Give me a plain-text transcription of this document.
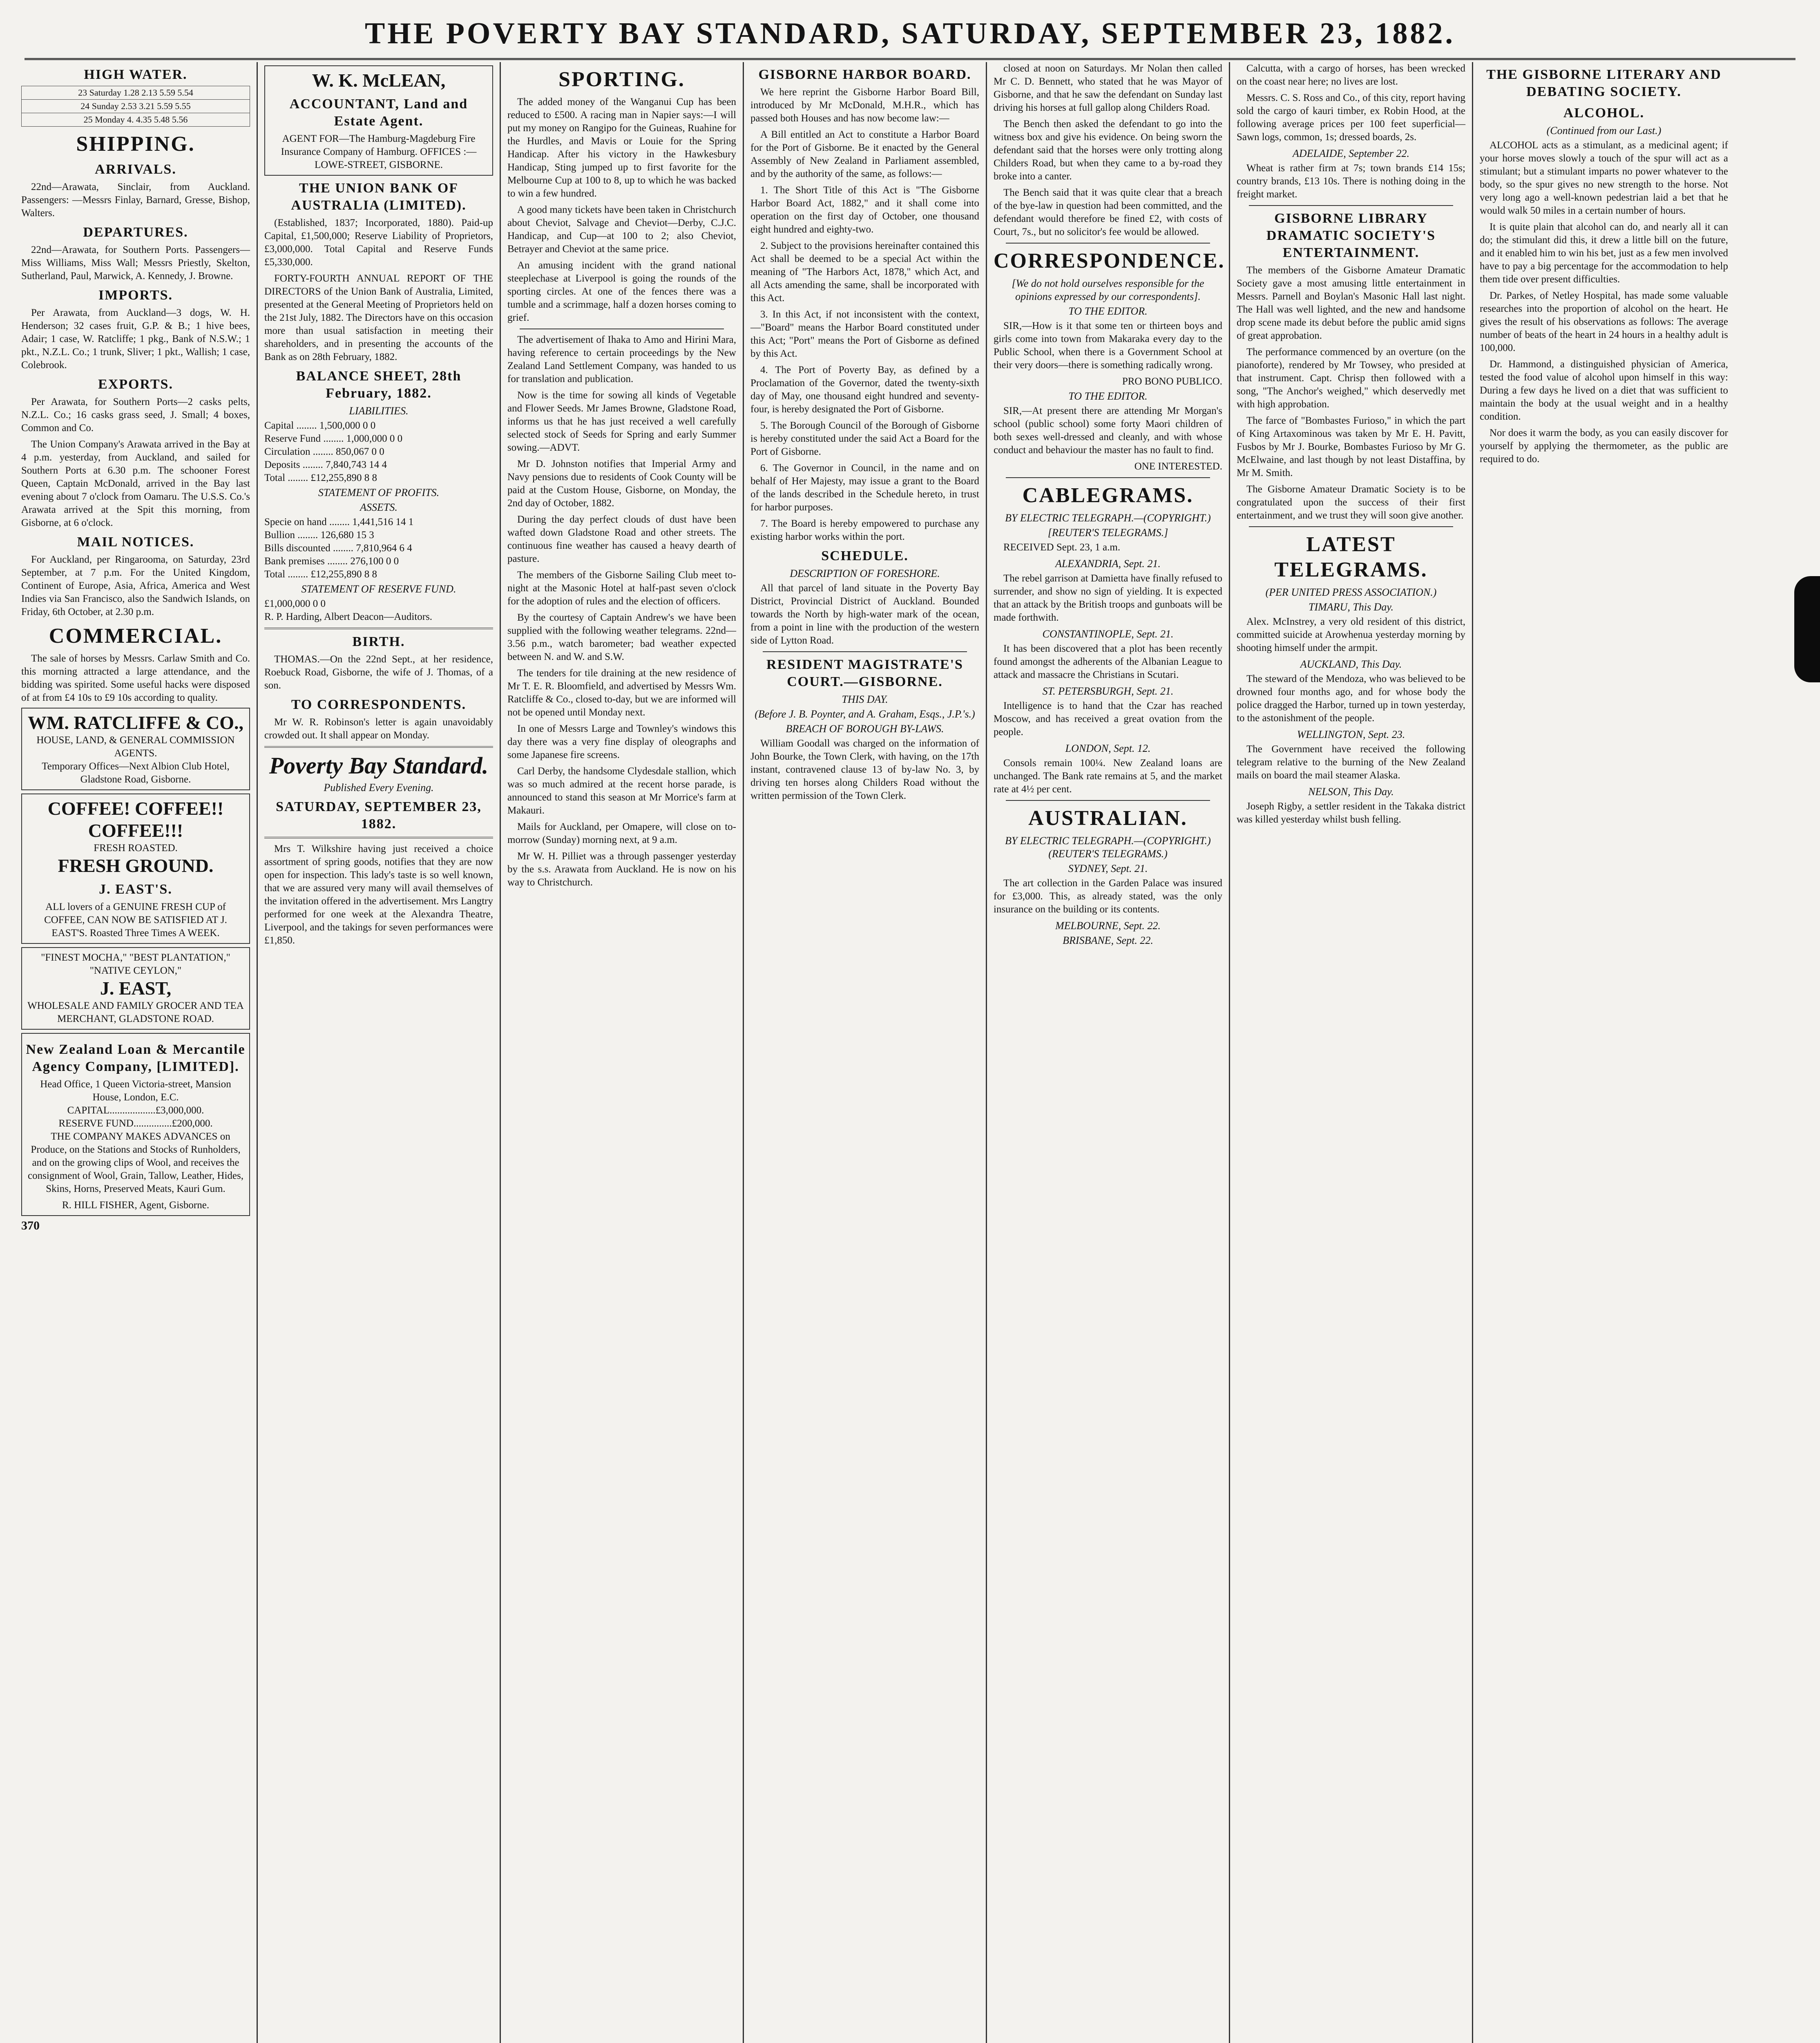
THE POVERTY BAY STANDARD, SATURDAY, SEPTEMBER 23, 1882.
HIGH WATER.
23 Saturday 1.28 2.13 5.59 5.54
24 Sunday 2.53 3.21 5.59 5.55
25 Monday 4. 4.35 5.48 5.56
SHIPPING.
ARRIVALS.

22nd—Arawata, Sinclair, from Auckland. Passengers: —Messrs Finlay, Barnard, Gresse, Bishop, Walters.

DEPARTURES.

22nd—Arawata, for Southern Ports. Passengers—Miss Williams, Miss Wall; Messrs Priestly, Skelton, Sutherland, Paul, Marwick, A. Kennedy, J. Browne.

IMPORTS.

Per Arawata, from Auckland—3 dogs, W. H. Henderson; 32 cases fruit, G.P. & B.; 1 hive bees, Adair; 1 case, W. Ratcliffe; 1 pkg., Bank of N.S.W.; 1 pkt., N.Z.L. Co.; 1 trunk, Sliver; 1 pkt., Wallish; 1 case, Colebrook.

EXPORTS.

Per Arawata, for Southern Ports—2 casks pelts, N.Z.L. Co.; 16 casks grass seed, J. Small; 4 boxes, Common and Co.

The Union Company's Arawata arrived in the Bay at 4 p.m. yesterday, from Auckland, and sailed for Southern Ports at 6.30 p.m. The schooner Forest Queen, Captain McDonald, arrived in the Bay last evening about 7 o'clock from Oamaru. The U.S.S. Co.'s Arawata arrived at the Spit this morning, from Gisborne, at 6 o'clock.

MAIL NOTICES.

For Auckland, per Ringarooma, on Saturday, 23rd September, at 7 p.m. For the United Kingdom, Continent of Europe, Asia, Africa, America and West Indies via San Francisco, also the Sandwich Islands, on Friday, 6th October, at 2.30 p.m.

COMMERCIAL.

The sale of horses by Messrs. Carlaw Smith and Co. this morning attracted a large attendance, and the bidding was spirited. Some useful hacks were disposed of at from £4 10s to £9 10s according to quality.

WM. RATCLIFFE & CO.,
HOUSE, LAND, & GENERAL COMMISSION AGENTS.
Temporary Offices—Next Albion Club Hotel, Gladstone Road, Gisborne.
COFFEE! COFFEE!! COFFEE!!!
FRESH ROASTED.
FRESH GROUND.
J. EAST'S.
ALL lovers of a GENUINE FRESH CUP of COFFEE, CAN NOW BE SATISFIED AT J. EAST'S. Roasted Three Times A WEEK.
"FINEST MOCHA," "BEST PLANTATION," "NATIVE CEYLON,"
J. EAST,
WHOLESALE AND FAMILY GROCER AND TEA MERCHANT, GLADSTONE ROAD.
New Zealand Loan & Mercantile Agency Company, [LIMITED].
Head Office, 1 Queen Victoria-street, Mansion House, London, E.C.
CAPITAL..................£3,000,000.
RESERVE FUND...............£200,000.

THE COMPANY MAKES ADVANCES on Produce, on the Stations and Stocks of Runholders, and on the growing clips of Wool, and receives the consignment of Wool, Grain, Tallow, Leather, Hides, Skins, Horns, Preserved Meats, Kauri Gum.

R. HILL FISHER, Agent, Gisborne.
370
W. K. McLEAN,
ACCOUNTANT, Land and Estate Agent.
AGENT FOR—The Hamburg-Magdeburg Fire Insurance Company of Hamburg. OFFICES :—LOWE-STREET, GISBORNE.
THE UNION BANK OF AUSTRALIA (LIMITED).

(Established, 1837; Incorporated, 1880). Paid-up Capital, £1,500,000; Reserve Liability of Proprietors, £3,000,000. Total Capital and Reserve Funds £5,330,000.

FORTY-FOURTH ANNUAL REPORT OF THE DIRECTORS of the Union Bank of Australia, Limited, presented at the General Meeting of Proprietors held on the 21st July, 1882. The Directors have on this occasion more than usual satisfaction in meeting their shareholders, and in presenting the accounts of the Bank as on 28th February, 1882.

BALANCE SHEET, 28th February, 1882.
LIABILITIES.
Capital ........ 1,500,000 0 0
Reserve Fund ........ 1,000,000 0 0
Circulation ........ 850,067 0 0
Deposits ........ 7,840,743 14 4
Total ........ £12,255,890 8 8
STATEMENT OF PROFITS.
ASSETS.
Specie on hand ........ 1,441,516 14 1
Bullion ........ 126,680 15 3
Bills discounted ........ 7,810,964 6 4
Bank premises ........ 276,100 0 0
Total ........ £12,255,890 8 8
STATEMENT OF RESERVE FUND.
£1,000,000 0 0
R. P. Harding, Albert Deacon—Auditors.
BIRTH.

THOMAS.—On the 22nd Sept., at her residence, Roebuck Road, Gisborne, the wife of J. Thomas, of a son.

TO CORRESPONDENTS.

Mr W. R. Robinson's letter is again unavoidably crowded out. It shall appear on Monday.

Poverty Bay Standard.
Published Every Evening.
SATURDAY, SEPTEMBER 23, 1882.

Mrs T. Wilkshire having just received a choice assortment of spring goods, notifies that they are now open for inspection. This lady's taste is so well known, that we are assured very many will avail themselves of the invitation offered in the advertisement. Mrs Langtry performed for one week at the Alexandra Theatre, Liverpool, and the takings for seven performances were £1,850.

SPORTING.

The added money of the Wanganui Cup has been reduced to £500. A racing man in Napier says:—I will put my money on Rangipo for the Guineas, Ruahine for the Hurdles, and Mavis or Louie for the Spring Handicap. After his victory in the Hawkesbury Handicap, Sting jumped up to first favorite for the Melbourne Cup at 100 to 8, up to which he was backed to win a few hundred.

A good many tickets have been taken in Christchurch about Cheviot, Salvage and Cheviot—Derby, C.J.C. Handicap, and Cup—at 100 to 2; also Cheviot, Betrayer and Cheviot at the same price.

An amusing incident with the grand national steeplechase at Liverpool is going the rounds of the sporting circles. At one of the fences there was a tumble and a scrimmage, half a dozen horses coming to grief.

The advertisement of Ihaka to Amo and Hirini Mara, having reference to certain proceedings by the New Zealand Land Settlement Company, was handed to us for translation and publication.

Now is the time for sowing all kinds of Vegetable and Flower Seeds. Mr James Browne, Gladstone Road, informs us that he has just received a well carefully selected stock of Seeds for Spring and early Summer sowing.—ADVT.

Mr D. Johnston notifies that Imperial Army and Navy pensions due to residents of Cook County will be paid at the Custom House, Gisborne, on Monday, the 2nd day of October, 1882.

During the day perfect clouds of dust have been wafted down Gladstone Road and other streets. The continuous fine weather has caused a heavy dearth of pasture.

The members of the Gisborne Sailing Club meet to-night at the Masonic Hotel at half-past seven o'clock for the adoption of rules and the election of officers.

By the courtesy of Captain Andrew's we have been supplied with the following weather telegrams. 22nd—3.56 p.m., watch barometer; bad weather expected between N. and W. and S.W.

The tenders for tile draining at the new residence of Mr T. E. R. Bloomfield, and advertised by Messrs Wm. Ratcliffe & Co., closed to-day, but we are informed will not be opened until Monday next.

In one of Messrs Large and Townley's windows this day there was a very fine display of oleographs and some Japanese fire screens.

Carl Derby, the handsome Clydesdale stallion, which was so much admired at the recent horse parade, is announced to stand this season at Mr Morrice's farm at Makauri.

Mails for Auckland, per Omapere, will close on to-morrow (Sunday) morning next, at 9 a.m.

Mr W. H. Pilliet was a through passenger yesterday by the s.s. Arawata from Auckland. He is now on his way to Christchurch.

GISBORNE HARBOR BOARD.

We here reprint the Gisborne Harbor Board Bill, introduced by Mr McDonald, M.H.R., which has passed both Houses and has now become law:—

A Bill entitled an Act to constitute a Harbor Board for the Port of Gisborne. Be it enacted by the General Assembly of New Zealand in Parliament assembled, and by the authority of the same, as follows:—

1. The Short Title of this Act is "The Gisborne Harbor Board Act, 1882," and it shall come into operation on the first day of October, one thousand eight hundred and eighty-two.

2. Subject to the provisions hereinafter contained this Act shall be deemed to be a special Act within the meaning of "The Harbors Act, 1878," which Act, and all Acts amending the same, shall be incorporated with this Act.

3. In this Act, if not inconsistent with the context,—"Board" means the Harbor Board constituted under this Act; "Port" means the Port of Gisborne as defined by this Act.

4. The Port of Poverty Bay, as defined by a Proclamation of the Governor, dated the twenty-sixth day of May, one thousand eight hundred and seventy-four, is hereby designated the Port of Gisborne.

5. The Borough Council of the Borough of Gisborne is hereby constituted under the said Act a Board for the Port of Gisborne.

6. The Governor in Council, in the name and on behalf of Her Majesty, may issue a grant to the Board of the lands described in the Schedule hereto, in trust for harbor purposes.

7. The Board is hereby empowered to purchase any existing harbor works within the port.

SCHEDULE.
DESCRIPTION OF FORESHORE.

All that parcel of land situate in the Poverty Bay District, Provincial District of Auckland. Bounded towards the North by high-water mark of the ocean, from a point in line with the production of the western side of Lytton Road.

RESIDENT MAGISTRATE'S COURT.—GISBORNE.
THIS DAY.
(Before J. B. Poynter, and A. Graham, Esqs., J.P.'s.)
BREACH OF BOROUGH BY-LAWS.

William Goodall was charged on the information of John Bourke, the Town Clerk, with having, on the 17th instant, contravened clause 13 of by-law No. 3, by driving ten horses along Childers Road without the written permission of the Town Clerk.

closed at noon on Saturdays. Mr Nolan then called Mr C. D. Bennett, who stated that he was Mayor of Gisborne, and that he saw the defendant on Sunday last driving his horses at full gallop along Childers Road.

The Bench then asked the defendant to go into the witness box and give his evidence. On being sworn the defendant said that the horses were only trotting along Childers Road, but when they came to a by-road they broke into a canter.

The Bench said that it was quite clear that a breach of the bye-law in question had been committed, and the defendant would therefore be fined £2, with costs of Court, 7s., but no solicitor's fee would be allowed.

CORRESPONDENCE.
[We do not hold ourselves responsible for the opinions expressed by our correspondents].
TO THE EDITOR.

SIR,—How is it that some ten or thirteen boys and girls come into town from Makaraka every day to the Public School, when there is a Government School at their very doors—there is something radically wrong.

PRO BONO PUBLICO.
TO THE EDITOR.

SIR,—At present there are attending Mr Morgan's school (public school) some forty Maori children of both sexes well-dressed and cleanly, and with whose conduct and behaviour the master has no fault to find.

ONE INTERESTED.
CABLEGRAMS.
BY ELECTRIC TELEGRAPH.—(COPYRIGHT.)
[REUTER'S TELEGRAMS.]

RECEIVED Sept. 23, 1 a.m.

ALEXANDRIA, Sept. 21.

The rebel garrison at Damietta have finally refused to surrender, and show no sign of yielding. It is expected that an attack by the British troops and gunboats will be made forthwith.

CONSTANTINOPLE, Sept. 21.

It has been discovered that a plot has been recently found amongst the adherents of the Albanian League to attack and massacre the Christians in Scutari.

ST. PETERSBURGH, Sept. 21.

Intelligence is to hand that the Czar has reached Moscow, and has received a great ovation from the people.

LONDON, Sept. 12.

Consols remain 100¼. New Zealand loans are unchanged. The Bank rate remains at 5, and the market rate at 4½ per cent.

AUSTRALIAN.
BY ELECTRIC TELEGRAPH.—(COPYRIGHT.) (REUTER'S TELEGRAMS.)
SYDNEY, Sept. 21.

The art collection in the Garden Palace was insured for £3,000. This, as already stated, was the only insurance on the building or its contents.

MELBOURNE, Sept. 22.
BRISBANE, Sept. 22.

Calcutta, with a cargo of horses, has been wrecked on the coast near here; no lives are lost.

Messrs. C. S. Ross and Co., of this city, report having sold the cargo of kauri timber, ex Robin Hood, at the following average prices per 100 feet superficial—Sawn logs, common, 1s; dressed boards, 2s.

ADELAIDE, September 22.

Wheat is rather firm at 7s; town brands £14 15s; country brands, £13 10s. There is nothing doing in the freight market.

GISBORNE LIBRARY DRAMATIC SOCIETY'S ENTERTAINMENT.

The members of the Gisborne Amateur Dramatic Society gave a most amusing little entertainment in Messrs. Parnell and Boylan's Masonic Hall last night. The Hall was well lighted, and the new and handsome drop scene made its debut before the public amid signs of great approbation.

The performance commenced by an overture (on the pianoforte), rendered by Mr Towsey, who presided at that instrument. Capt. Chrisp then followed with a song, "The Anchor's weighed," which deservedly met with high approbation.

The farce of "Bombastes Furioso," in which the part of King Artaxominous was taken by Mr E. H. Pavitt, Fusbos by Mr J. Bourke, Bombastes Furioso by Mr G. McElwaine, and last though by not least Distaffina, by Mr M. Smith.

The Gisborne Amateur Dramatic Society is to be congratulated upon the success of their first entertainment, and we trust they will soon give another.

LATEST TELEGRAMS.
(PER UNITED PRESS ASSOCIATION.)
TIMARU, This Day.

Alex. McInstrey, a very old resident of this district, committed suicide at Arowhenua yesterday morning by shooting himself under the armpit.

AUCKLAND, This Day.

The steward of the Mendoza, who was believed to be drowned four months ago, and for whose body the police dragged the Harbor, turned up in town yesterday, to the astonishment of the people.

WELLINGTON, Sept. 23.

The Government have received the following telegram relative to the burning of the New Zealand mails on board the mail steamer Alaska.

NELSON, This Day.

Joseph Rigby, a settler resident in the Takaka district was killed yesterday whilst bush felling.

THE GISBORNE LITERARY AND DEBATING SOCIETY.
ALCOHOL.
(Continued from our Last.)

ALCOHOL acts as a stimulant, as a medicinal agent; if your horse moves slowly a touch of the spur will act as a stimulant; but a stimulant imparts no power whatever to the body, so the spur gives no new strength to the horse. Not very long ago a well-known pedestrian laid a bet that he would walk 50 miles in a certain number of hours.

It is quite plain that alcohol can do, and nearly all it can do; the stimulant did this, it drew a little bill on the future, and it enabled him to win his bet, just as a few men involved have to pay a big percentage for the accommodation to help them tide over present difficulties.

Dr. Parkes, of Netley Hospital, has made some valuable researches into the proportion of alcohol on the heart. He gives the result of his observations as follows: The average number of beats of the heart in 24 hours in a healthy adult is 100,000.

Dr. Hammond, a distinguished physician of America, tested the food value of alcohol upon himself in this way: During a few days he lived on a diet that was sufficient to maintain the body at the usual weight and in a healthy condition.

Nor does it warm the body, as you can easily discover for yourself by applying the thermometer, as the public are required to do.
